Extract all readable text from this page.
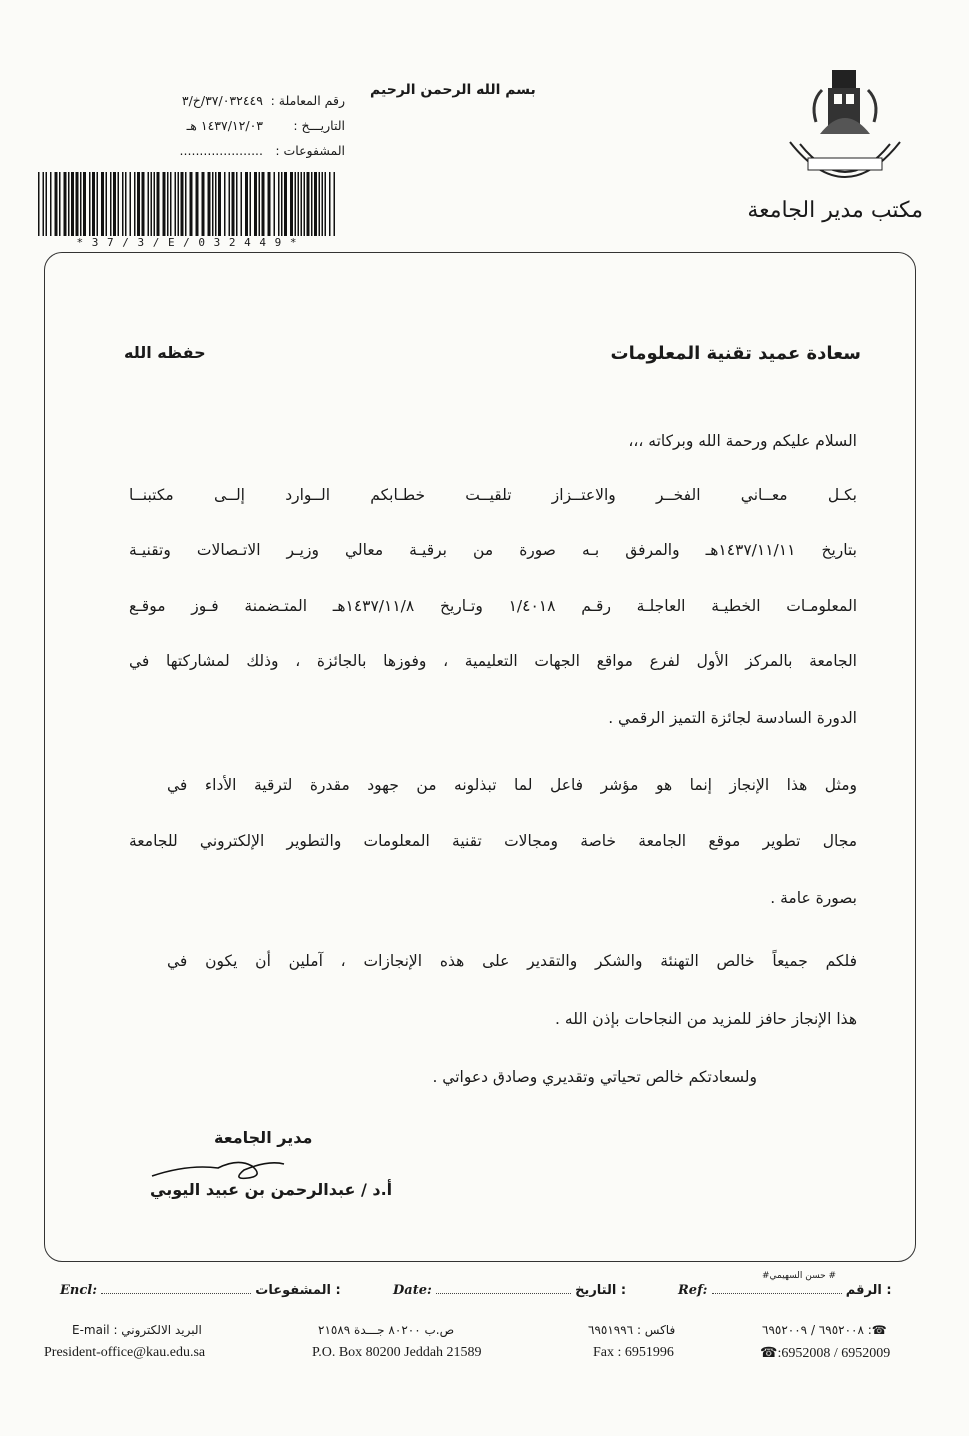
مكتب مدير الجامعة
بسم الله الرحمن الرحيم
رقم المعاملة :
٣٧/٠٣٢٤٤٩/خ/٣
التاريـــخ :
١٤٣٧/١٢/٠٣ هـ
المشفوعات :
.....................
* 3 7 / 3 / E / 0 3 2 4 4 9 *
سعادة عميد تقنية المعلومات
حفظه الله
السلام عليكم ورحمة الله وبركاته ،،،
بكـل معــاني الفخــر والاعتــزاز تلقيــت خطـابكم الــوارد إلــى مكتبنــا
بتاريخ ١٤٣٧/١١/١١هـ والمرفق بـه صورة من برقيـة معالي وزيـر الاتـصالات وتقنيـة
المعلومـات الخطيـة العاجلـة رقـم ١/٤٠١٨ وتـاريخ ١٤٣٧/١١/٨هـ المتـضمنة فـوز موقـع
الجامعة بالمركز الأول لفرع مواقع الجهات التعليمية ، وفوزها بالجائزة ، وذلك لمشاركتها في
الدورة السادسة لجائزة التميز الرقمي .
ومثل هذا الإنجاز إنما هو مؤشر فاعل لما تبذلونه من جهود مقدرة لترقية الأداء في
مجال تطوير موقع الجامعة خاصة ومجالات تقنية المعلومات والتطوير الإلكتروني للجامعة
بصورة عامة .
فلكم جميعاً خالص التهنئة والشكر والتقدير على هذه الإنجازات ، آملين أن يكون في
هذا الإنجاز حافز للمزيد من النجاحات بإذن الله .
ولسعادتكم خالص تحياتي وتقديري وصادق دعواتي .
مدير الجامعة
أ.د / عبدالرحمن بن عبيد اليوبي
# حسن السهيمي#
Encl:	المشفوعات :	Date:	التاريخ :	Ref:	الرقم :
البريد الالكتروني : E-mail
President-office@kau.edu.sa
ص.ب ٨٠٢٠٠ جـــدة ٢١٥٨٩
P.O. Box 80200 Jeddah 21589
فاكس : ٦٩٥١٩٩٦
Fax : 6951996
☎: ٦٩٥٢٠٠٨ / ٦٩٥٢٠٠٩
☎:6952008 / 6952009
